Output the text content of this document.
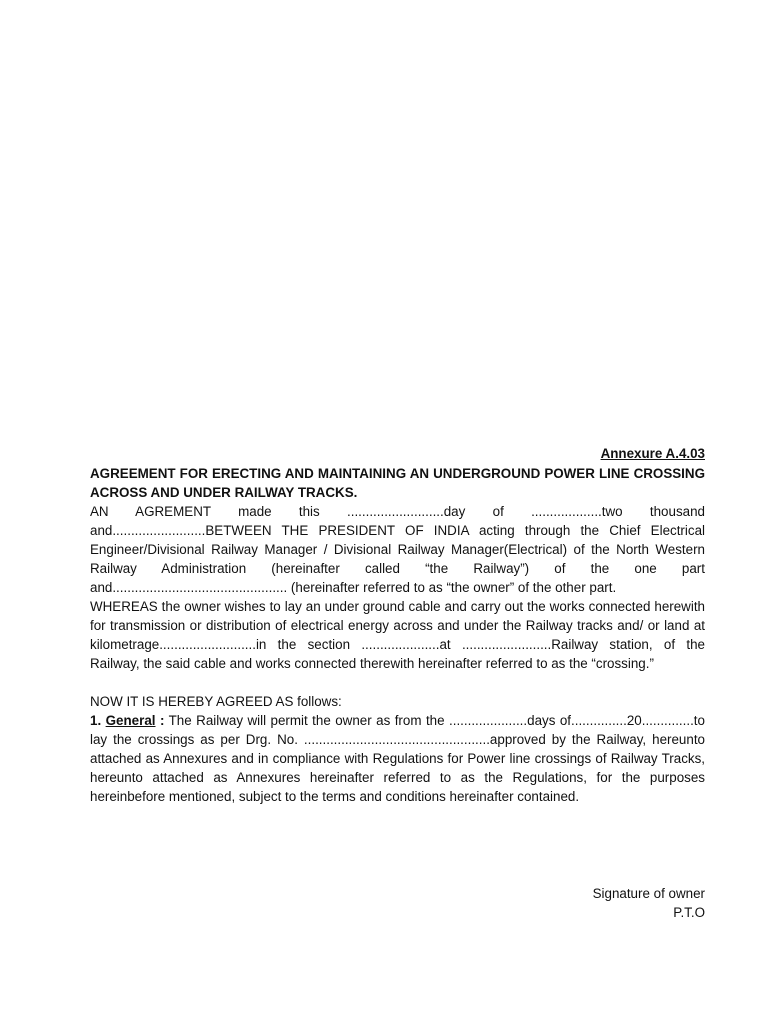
Annexure A.4.03
AGREEMENT FOR ERECTING AND MAINTAINING AN UNDERGROUND POWER LINE CROSSING ACROSS AND UNDER RAILWAY TRACKS.

AN AGREMENT made this ..........................day of ...................two thousand and.........................BETWEEN THE PRESIDENT OF INDIA acting through the Chief Electrical Engineer/Divisional Railway Manager / Divisional Railway Manager(Electrical) of the North Western Railway Administration (hereinafter called “the Railway”) of the one part and............................................... (hereinafter referred to as “the owner” of the other part.

WHEREAS the owner wishes to lay an under ground cable and carry out the works connected herewith for transmission or distribution of electrical energy across and under the Railway tracks and/ or land at kilometrage..........................in the section .....................at ........................Railway station, of the Railway, the said cable and works connected therewith hereinafter referred to as the “crossing.”

NOW IT IS HEREBY AGREED AS follows:

1. General : The Railway will permit the owner as from the .....................days of...............20..............to lay the crossings as per Drg. No. ..................................................approved by the Railway, hereunto attached as Annexures and in compliance with Regulations for Power line crossings of Railway Tracks, hereunto attached as Annexures hereinafter referred to as the Regulations, for the purposes hereinbefore mentioned, subject to the terms and conditions hereinafter contained.

Signature of owner
P.T.O
